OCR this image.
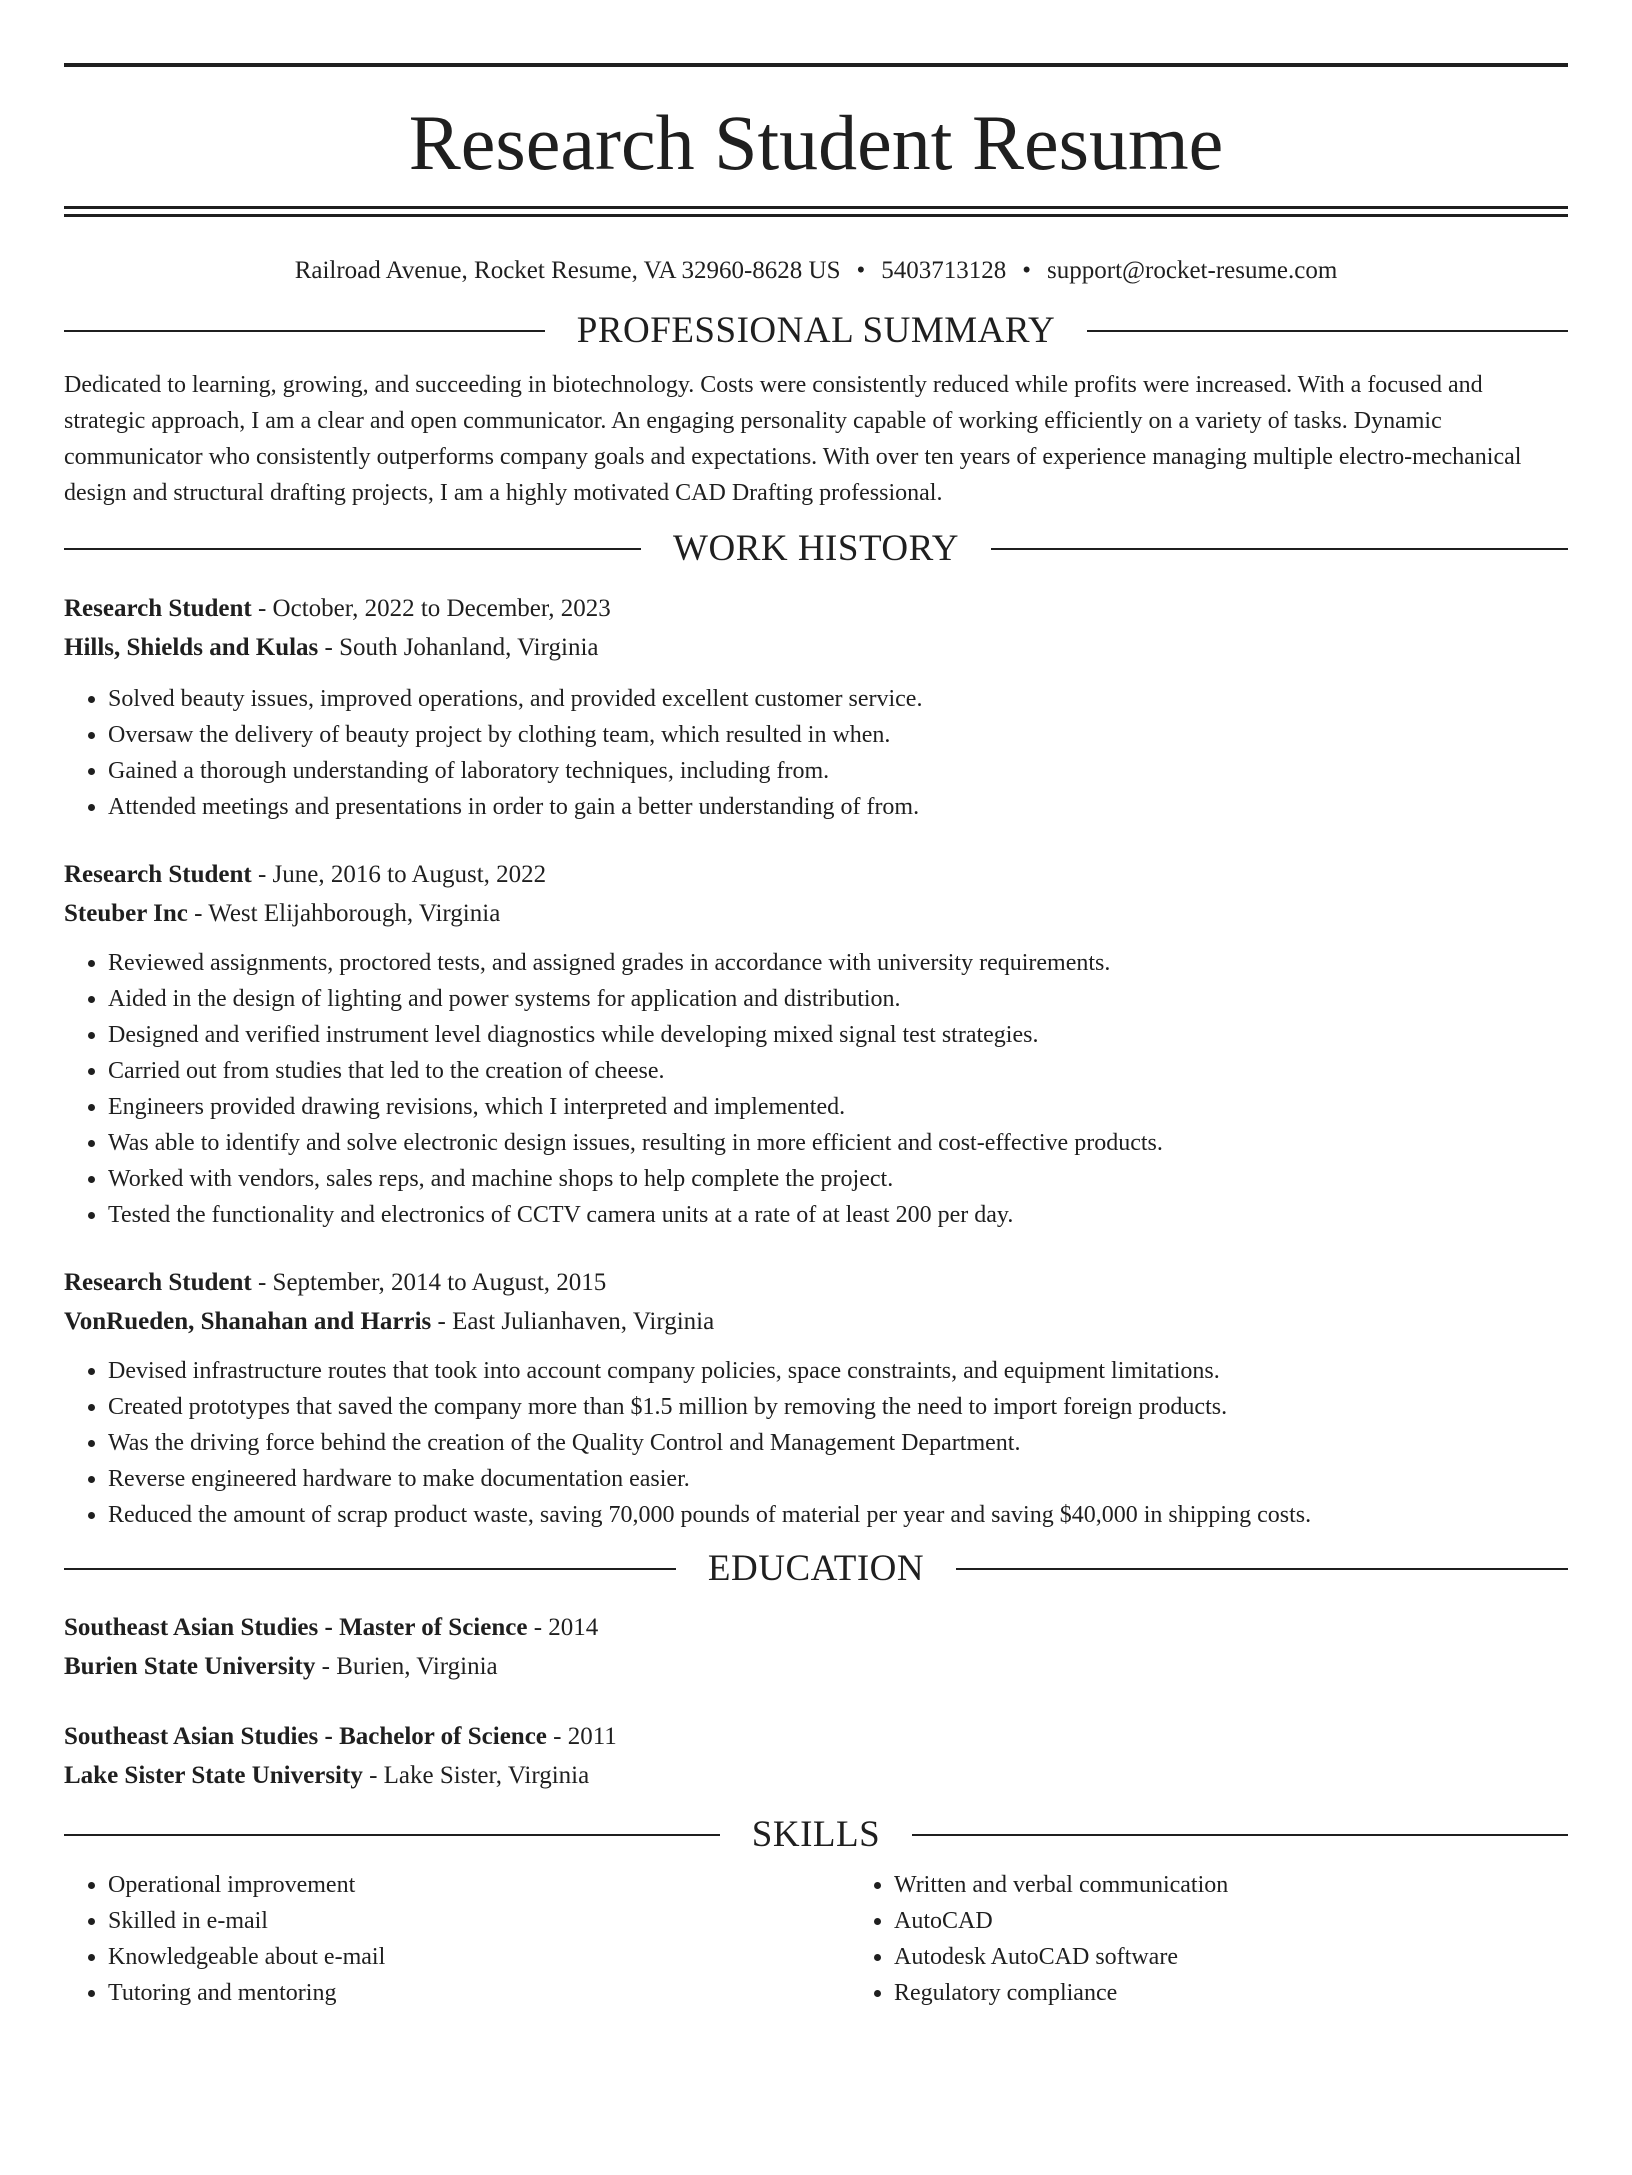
Research Student Resume
Railroad Avenue, Rocket Resume, VA 32960-8628 US • 5403713128 • support@rocket-resume.com
PROFESSIONAL SUMMARY

Dedicated to learning, growing, and succeeding in biotechnology. Costs were consistently reduced while profits were increased. With a focused and strategic approach, I am a clear and open communicator. An engaging personality capable of working efficiently on a variety of tasks. Dynamic communicator who consistently outperforms company goals and expectations. With over ten years of experience managing multiple electro-mechanical design and structural drafting projects, I am a highly motivated CAD Drafting professional.

WORK HISTORY
Research Student - October, 2022 to December, 2023
Hills, Shields and Kulas - South Johanland, Virginia
• Solved beauty issues, improved operations, and provided excellent customer service.
• Oversaw the delivery of beauty project by clothing team, which resulted in when.
• Gained a thorough understanding of laboratory techniques, including from.
• Attended meetings and presentations in order to gain a better understanding of from.
Research Student - June, 2016 to August, 2022
Steuber Inc - West Elijahborough, Virginia
• Reviewed assignments, proctored tests, and assigned grades in accordance with university requirements.
• Aided in the design of lighting and power systems for application and distribution.
• Designed and verified instrument level diagnostics while developing mixed signal test strategies.
• Carried out from studies that led to the creation of cheese.
• Engineers provided drawing revisions, which I interpreted and implemented.
• Was able to identify and solve electronic design issues, resulting in more efficient and cost-effective products.
• Worked with vendors, sales reps, and machine shops to help complete the project.
• Tested the functionality and electronics of CCTV camera units at a rate of at least 200 per day.
Research Student - September, 2014 to August, 2015
VonRueden, Shanahan and Harris - East Julianhaven, Virginia
• Devised infrastructure routes that took into account company policies, space constraints, and equipment limitations.
• Created prototypes that saved the company more than $1.5 million by removing the need to import foreign products.
• Was the driving force behind the creation of the Quality Control and Management Department.
• Reverse engineered hardware to make documentation easier.
• Reduced the amount of scrap product waste, saving 70,000 pounds of material per year and saving $40,000 in shipping costs.
EDUCATION
Southeast Asian Studies - Master of Science - 2014
Burien State University - Burien, Virginia
Southeast Asian Studies - Bachelor of Science - 2011
Lake Sister State University - Lake Sister, Virginia
SKILLS
• Operational improvement
• Skilled in e-mail
• Knowledgeable about e-mail
• Tutoring and mentoring
• Written and verbal communication
• AutoCAD
• Autodesk AutoCAD software
• Regulatory compliance
